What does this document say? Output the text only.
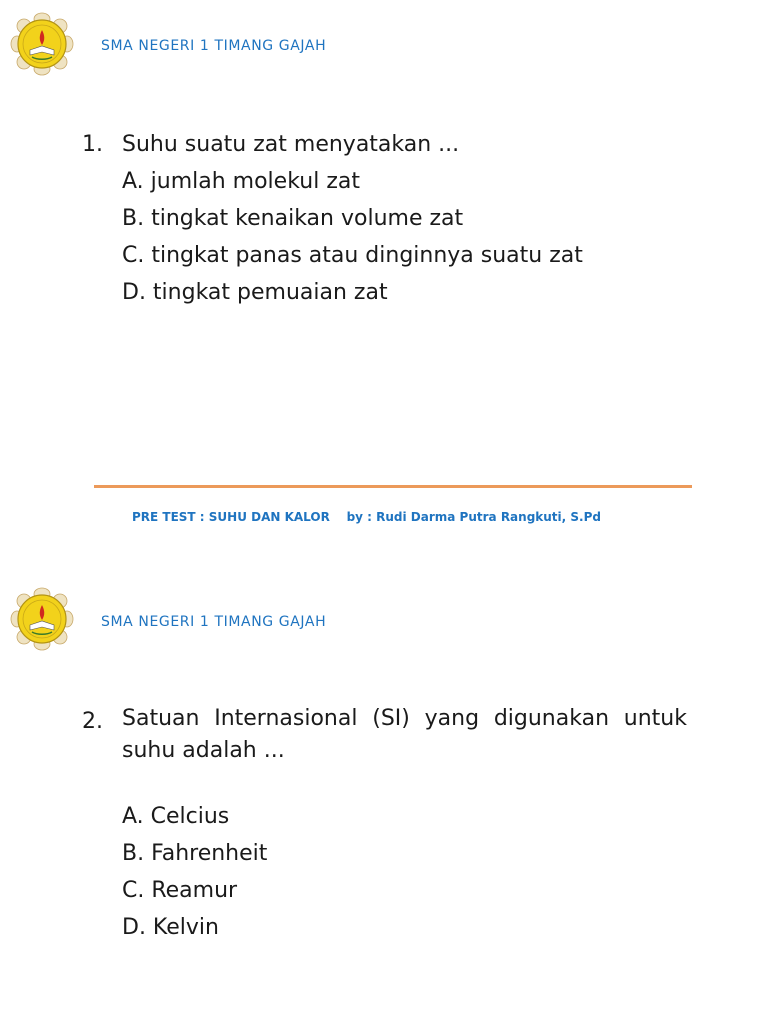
SMA NEGERI 1 TIMANG GAJAH
1. Suhu suatu zat menyatakan ...
A. jumlah molekul zat
B. tingkat kenaikan volume zat
C. tingkat panas atau dinginnya suatu zat
D. tingkat pemuaian zat
PRE TEST : SUHU DAN KALOR by : Rudi Darma Putra Rangkuti, S.Pd
SMA NEGERI 1 TIMANG GAJAH
2. Satuan Internasional (SI) yang digunakan untuk suhu adalah ...
A. Celcius
B. Fahrenheit
C. Reamur
D. Kelvin
